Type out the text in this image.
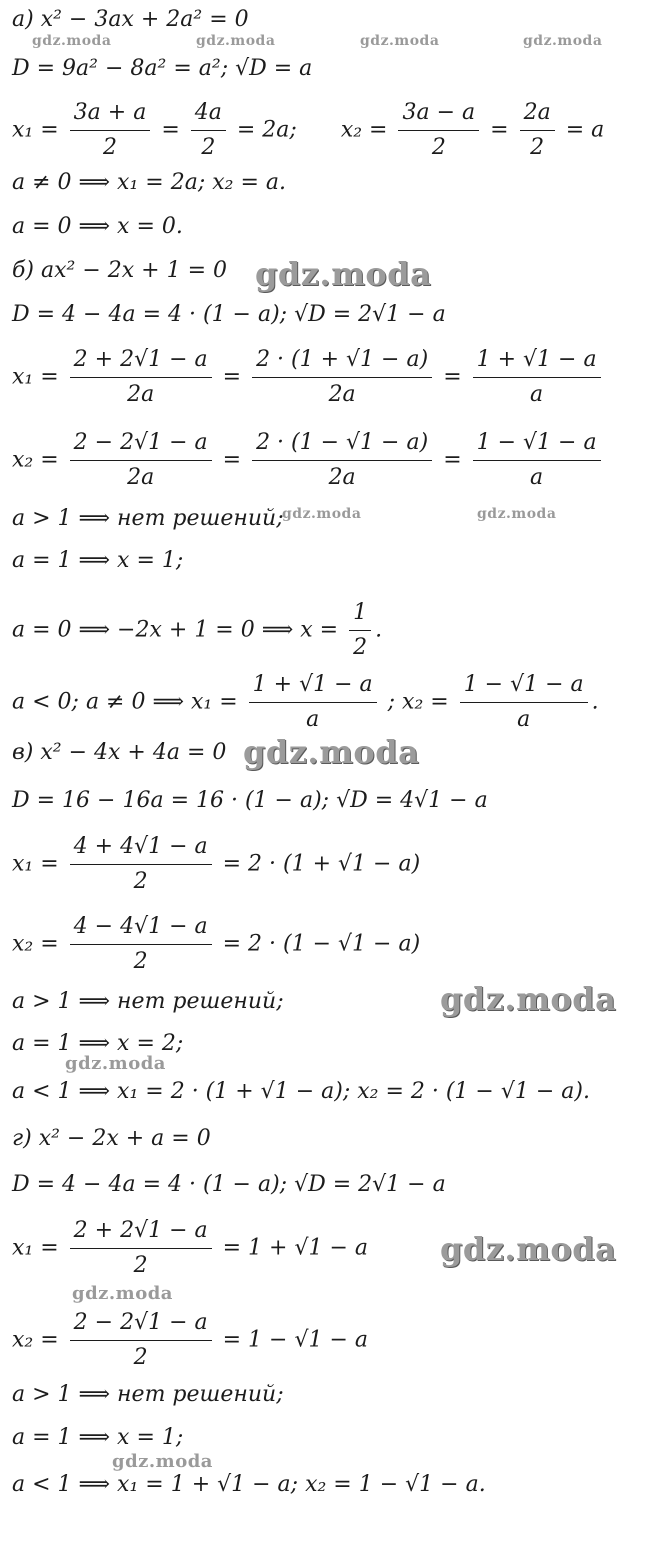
gdz.moda	gdz.moda	gdz.moda	gdz.moda
а) x² − 3ax + 2a² = 0
D = 9a² − 8a² = a²; √D = a
$x_1 = \frac{3a + a}{2} = \frac{4a}{2} = 2a$; $x_2 = \frac{3a - a}{2} = \frac{2a}{2} = a$
a ≠ 0 ⟹ x₁ = 2a; x₂ = a.
a = 0 ⟹ x = 0.
б) ax² − 2x + 1 = 0 gdz.moda
D = 4 − 4a = 4 · (1 − a); √D = 2√1 − a
$x_1 = \frac{2 + 2√1 - a}{2a} = \frac{2 \cdot (1 + √1 - a)}{2a} = \frac{1 + √1 - a}{a}$
$x_2 = \frac{2 - 2√1 - a}{2a} = \frac{2 \cdot (1 - √1 - a)}{2a} = \frac{1 - √1 - a}{a}$
a > 1 ⟹ нет решений;
gdz.moda	gdz.moda
a = 1 ⟹ x = 1;
a = 0 ⟹ −2x + 1 = 0 ⟹ $x = \frac{1}{2}$ .
a < 0; a ≠ 0 ⟹ $x_1 = \frac{1 + √1 - a}{a}$ ; $x_2 = \frac{1 - √1 - a}{a}$ .
в) x² − 4x + 4a = 0 gdz.moda
D = 16 − 16a = 16 · (1 − a); √D = 4√1 − a
$x_1 = \frac{4 + 4√1 - a}{2} = 2 \cdot (1 + √1 - a)$
$x_2 = \frac{4 - 4√1 - a}{2} = 2 \cdot (1 - √1 - a)$
a > 1 ⟹ нет решений;	gdz.moda
a = 1 ⟹ x = 2;
gdz.moda
a < 1 ⟹ x₁ = 2 · (1 + √1 − a); x₂ = 2 · (1 − √1 − a).
г) x² − 2x + a = 0
D = 4 − 4a = 4 · (1 − a); √D = 2√1 − a
$x_1 = \frac{2 + 2√1 - a}{2} = 1 + √1 - a$ gdz.moda
gdz.moda
$x_2 = \frac{2 - 2√1 - a}{2} = 1 - √1 - a$
a > 1 ⟹ нет решений;
a = 1 ⟹ x = 1;
gdz.moda
a < 1 ⟹ x₁ = 1 + √1 − a; x₂ = 1 − √1 − a.
